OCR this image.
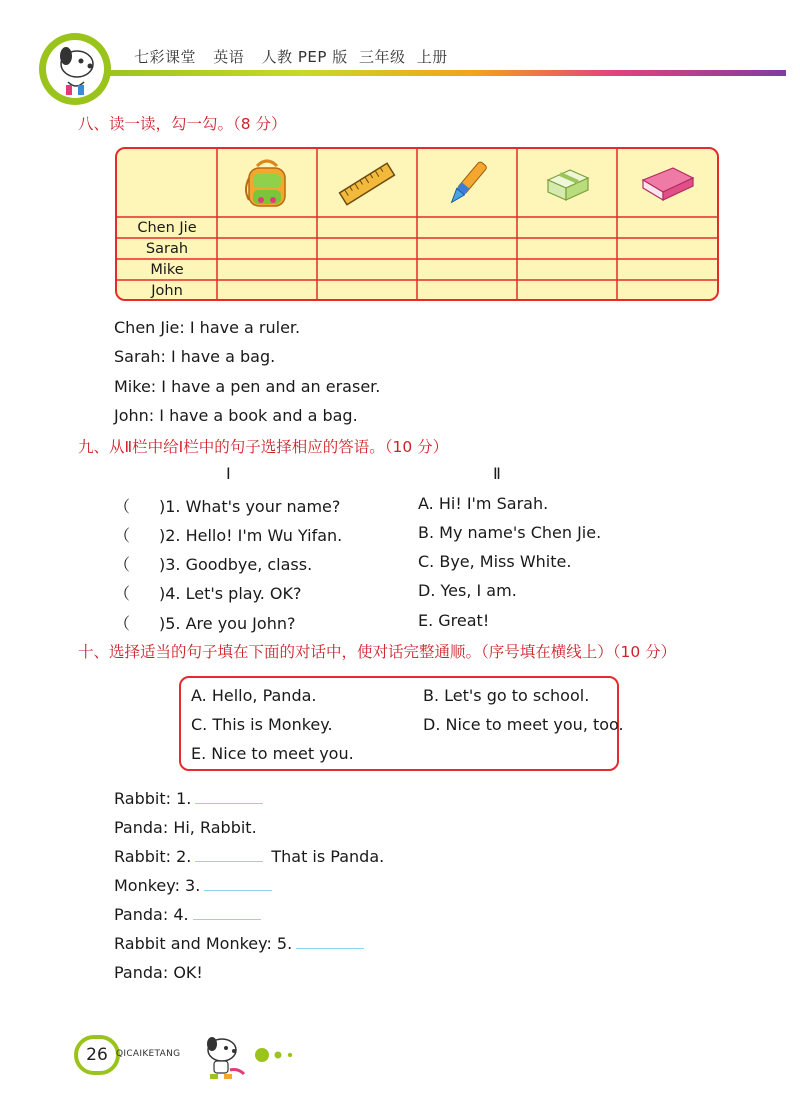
七彩课堂 英语 人教 PEP 版 三年级 上册
八、读一读，勾一勾。（8 分）
Chen Jie
Sarah
Mike
John
Chen Jie: I have a ruler.
Sarah: I have a bag.
Mike: I have a pen and an eraser.
John: I have a book and a bag.
九、从Ⅱ栏中给Ⅰ栏中的句子选择相应的答语。（10 分）
Ⅰ	Ⅱ
（ )1. What's your name?
（ )2. Hello! I'm Wu Yifan.
（ )3. Goodbye, class.
（ )4. Let's play. OK?
（ )5. Are you John?
A. Hi! I'm Sarah.
B. My name's Chen Jie.
C. Bye, Miss White.
D. Yes, I am.
E. Great!
十、选择适当的句子填在下面的对话中，使对话完整通顺。（序号填在横线上）（10 分）
A. Hello, Panda.	B. Let's go to school.
C. This is Monkey.	D. Nice to meet you, too.
E. Nice to meet you.
Rabbit: 1.
Panda: Hi, Rabbit.
Rabbit: 2.	That is Panda.
Monkey: 3.
Panda: 4.
Rabbit and Monkey: 5.
Panda: OK!
26 QICAIKETANG
